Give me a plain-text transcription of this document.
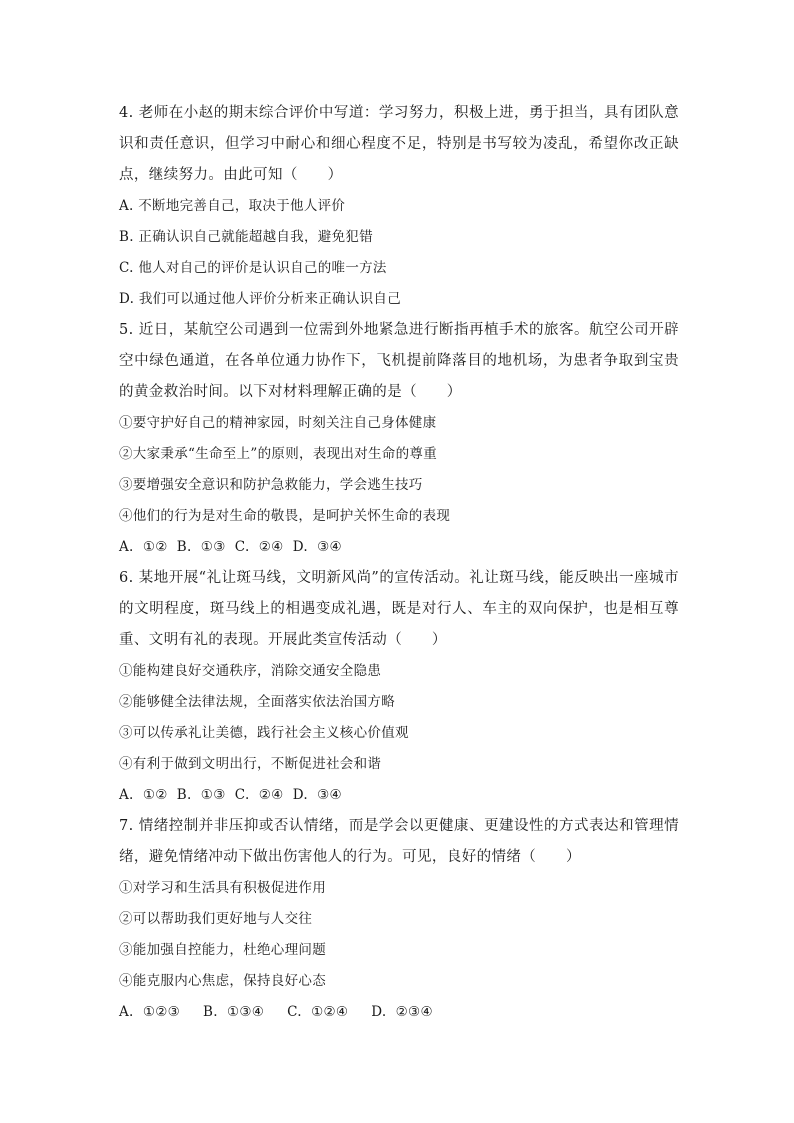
4. 老师在小赵的期末综合评价中写道：学习努力，积极上进，勇于担当，具有团队意识和责任意识，但学习中耐心和细心程度不足，特别是书写较为凌乱，希望你改正缺点，继续努力。由此可知（　　）
A. 不断地完善自己，取决于他人评价
B. 正确认识自己就能超越自我，避免犯错
C. 他人对自己的评价是认识自己的唯一方法
D. 我们可以通过他人评价分析来正确认识自己
5. 近日，某航空公司遇到一位需到外地紧急进行断指再植手术的旅客。航空公司开辟空中绿色通道，在各单位通力协作下，飞机提前降落目的地机场，为患者争取到宝贵的黄金救治时间。以下对材料理解正确的是（　　）
①要守护好自己的精神家园，时刻关注自己身体健康
②大家秉承“生命至上”的原则，表现出对生命的尊重
③要增强安全意识和防护急救能力，学会逃生技巧
④他们的行为是对生命的敬畏，是呵护关怀生命的表现
A.  ①②  B.  ①③  C.  ②④  D.  ③④
6. 某地开展“礼让斑马线，文明新风尚”的宣传活动。礼让斑马线，能反映出一座城市的文明程度，斑马线上的相遇变成礼遇，既是对行人、车主的双向保护，也是相互尊重、文明有礼的表现。开展此类宣传活动（　　）
①能构建良好交通秩序，消除交通安全隐患
②能够健全法律法规，全面落实依法治国方略
③可以传承礼让美德，践行社会主义核心价值观
④有利于做到文明出行，不断促进社会和谐
A.  ①②  B.  ①③  C.  ②④  D.  ③④
7. 情绪控制并非压抑或否认情绪，而是学会以更健康、更建设性的方式表达和管理情绪，避免情绪冲动下做出伤害他人的行为。可见，良好的情绪（　　）
①对学习和生活具有积极促进作用
②可以帮助我们更好地与人交往
③能加强自控能力，杜绝心理问题
④能克服内心焦虑，保持良好心态
A.  ①②③     B.  ①③④     C.  ①②④     D.  ②③④
